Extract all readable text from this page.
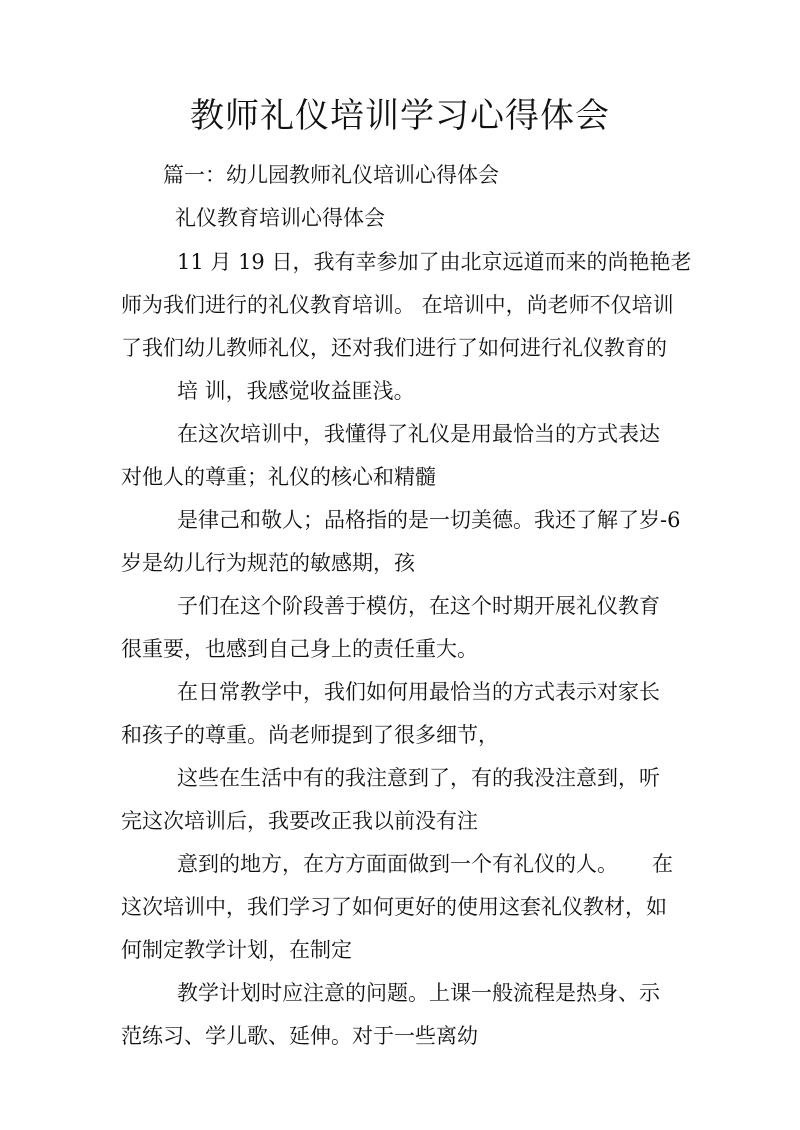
教师礼仪培训学习心得体会
篇一：幼儿园教师礼仪培训心得体会
礼仪教育培训心得体会
11 月 19 日，我有幸参加了由北京远道而来的尚艳艳老
师为我们进行的礼仪教育培训。 在培训中，尚老师不仅培训
了我们幼儿教师礼仪，还对我们进行了如何进行礼仪教育的
培 训，我感觉收益匪浅。
在这次培训中，我懂得了礼仪是用最恰当的方式表达
对他人的尊重；礼仪的核心和精髓
是律己和敬人；品格指的是一切美德。我还了解了岁-6
岁是幼儿行为规范的敏感期，孩
子们在这个阶段善于模仿，在这个时期开展礼仪教育
很重要，也感到自己身上的责任重大。
在日常教学中，我们如何用最恰当的方式表示对家长
和孩子的尊重。尚老师提到了很多细节，
这些在生活中有的我注意到了，有的我没注意到，听
完这次培训后，我要改正我以前没有注
意到的地方，在方方面面做到一个有礼仪的人。 在
这次培训中，我们学习了如何更好的使用这套礼仪教材，如
何制定教学计划，在制定
教学计划时应注意的问题。上课一般流程是热身、示
范练习、学儿歌、延伸。对于一些离幼
